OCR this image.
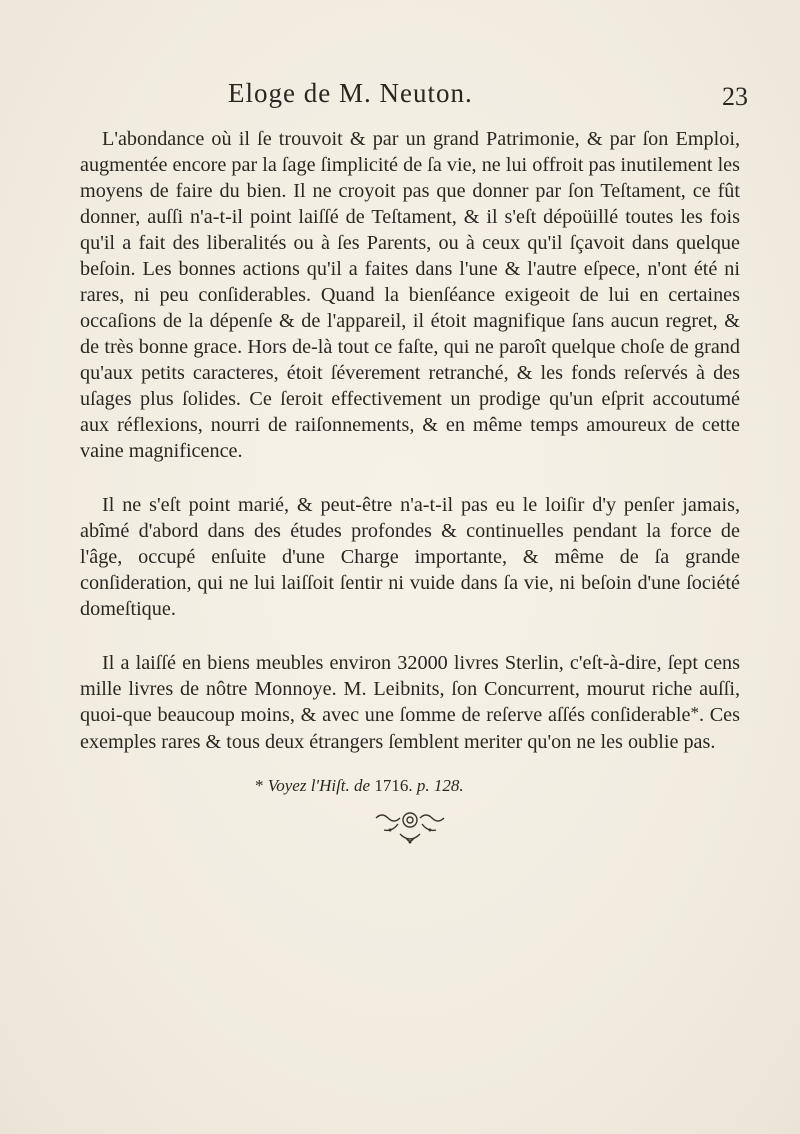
Eloge de M. Neuton.	23

L'abondance où il ſe trouvoit & par un grand Patrimonie, & par ſon Emploi, augmentée encore par la ſage ſimplicité de ſa vie, ne lui offroit pas inutilement les moyens de faire du bien. Il ne croyoit pas que donner par ſon Teſtament, ce fût donner, auſſi n'a-t-il point laiſſé de Teſtament, & il s'eſt dépoüillé toutes les fois qu'il a fait des liberalités ou à ſes Parents, ou à ceux qu'il ſçavoit dans quelque beſoin. Les bonnes actions qu'il a faites dans l'une & l'autre eſpece, n'ont été ni rares, ni peu conſiderables. Quand la bienſéance exigeoit de lui en certaines occaſions de la dépenſe & de l'appareil, il étoit magnifique ſans aucun regret, & de très bonne grace. Hors de-là tout ce faſte, qui ne paroît quelque choſe de grand qu'aux petits caracteres, étoit ſéverement retranché, & les fonds reſervés à des uſages plus ſolides. Ce ſeroit effectivement un prodige qu'un eſprit accoutumé aux réflexions, nourri de raiſonnements, & en même temps amoureux de cette vaine magnificence.

Il ne s'eſt point marié, & peut-être n'a-t-il pas eu le loiſir d'y penſer jamais, abîmé d'abord dans des études profondes & continuelles pendant la force de l'âge, occupé enſuite d'une Charge importante, & même de ſa grande conſideration, qui ne lui laiſſoit ſentir ni vuide dans ſa vie, ni beſoin d'une ſociété domeſtique.

Il a laiſſé en biens meubles environ 32000 livres Sterlin, c'eſt-à-dire, ſept cens mille livres de nôtre Monnoye. M. Leibnits, ſon Concurrent, mourut riche auſſi, quoi-que beaucoup moins, & avec une ſomme de reſerve aſſés conſiderable*. Ces exemples rares & tous deux étrangers ſemblent meriter qu'on ne les oublie pas.

* Voyez l'Hiſt. de 1716. p. 128.
